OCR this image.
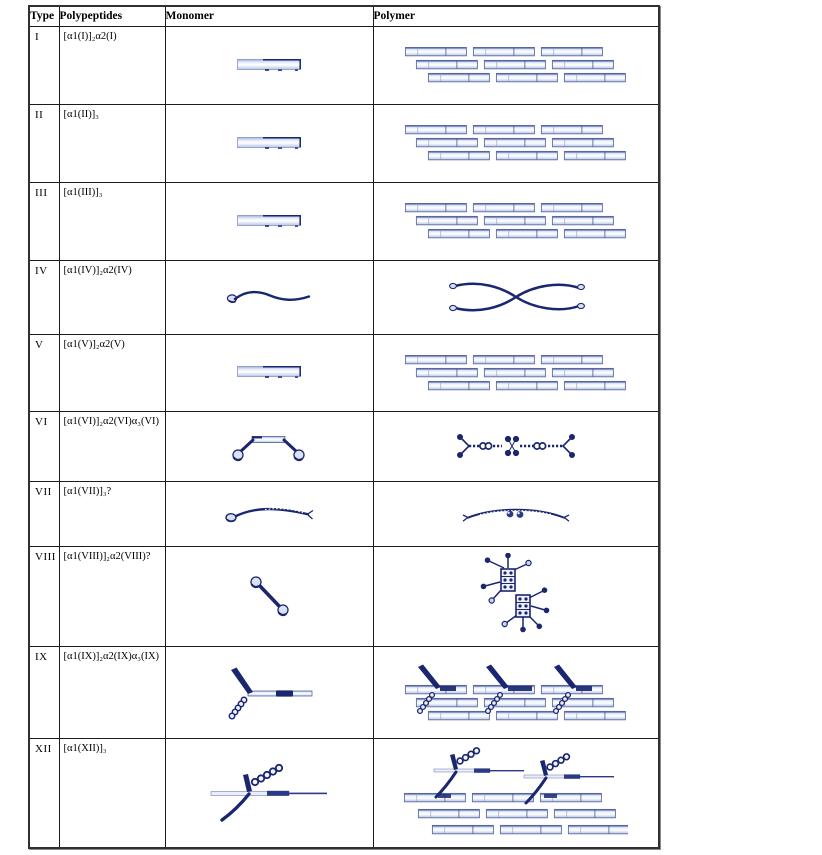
Type	Polypeptides	Monomer	Polymer
I	[α1(I)]₂α2(I)		
II	[α1(II)]₃		
III	[α1(III)]₃		
IV	[α1(IV)]₂α2(IV)		
V	[α1(V)]₂α2(V)		
VI	[α1(VI)]₂α2(VI)α₃(VI)		
VII	[α1(VII)]₃?		
VIII	[α1(VIII)]₂α2(VIII)?		
IX	[α1(IX)]₂α2(IX)α₃(IX)		
XII	[α1(XII)]₃		
